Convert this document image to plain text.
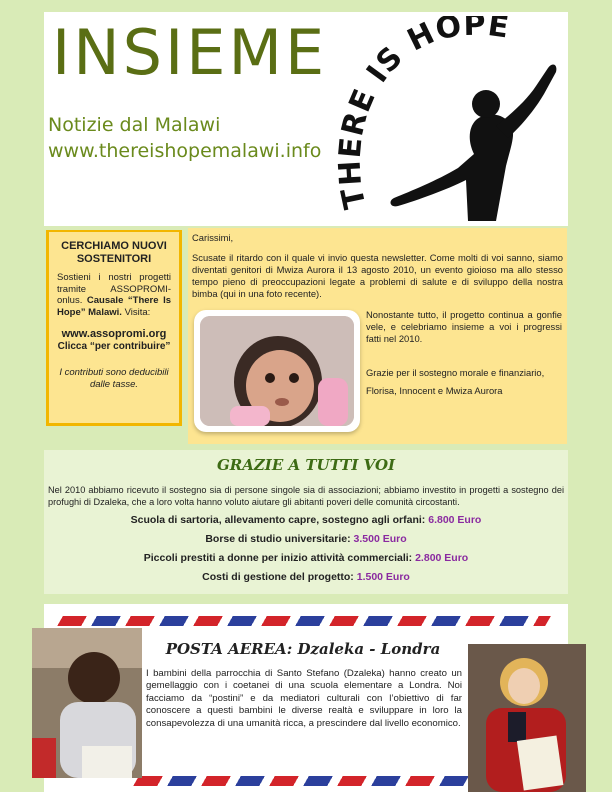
INSIEME
Notizie dal Malawi
www.thereishopemalawi.info
THERE IS HOPE
CERCHIAMO NUOVI SOSTENITORI

Sostieni i nostri progetti tramite ASSOPROMI-onlus. Causale “There Is Hope” Malawi. Visita:

www.assopromi.org

Clicca “per contribuire”

I contributi sono deducibili dalle tasse.

Carissimi,
Scusate il ritardo con il quale vi invio questa newsletter. Come molti di voi sanno, siamo diventati genitori di Mwiza Aurora il 13 agosto 2010, un evento gioioso ma allo stesso tempo pieno di preoccupazioni legate a problemi di salute e di sviluppo della nostra bimba (qui in una foto recente).
Nonostante tutto, il progetto continua a gonfie vele, e celebriamo insieme a voi i progressi fatti nel 2010.
Grazie per il sostegno morale e finanziario,
Florisa, Innocent e Mwiza Aurora
GRAZIE A TUTTI VOI
Nel 2010 abbiamo ricevuto il sostegno sia di persone singole sia di associazioni; abbiamo investito in progetti a sostegno dei profughi di Dzaleka, che a loro volta hanno voluto aiutare gli abitanti poveri delle comunità circostanti.
Scuola di sartoria, allevamento capre, sostegno agli orfani: 6.800 Euro
Borse di studio universitarie: 3.500 Euro
Piccoli prestiti a donne per inizio attività commerciali: 2.800 Euro
Costi di gestione del progetto: 1.500 Euro
POSTA AEREA: Dzaleka - Londra
I bambini della parrocchia di Santo Stefano (Dzaleka) hanno creato un gemellaggio con i coetanei di una scuola elementare a Londra. Noi facciamo da “postini” e da mediatori culturali con l’obiettivo di far conoscere a questi bambini le diverse realtà e sviluppare in loro la consapevolezza di una umanità ricca, a prescindere dal livello economico.
